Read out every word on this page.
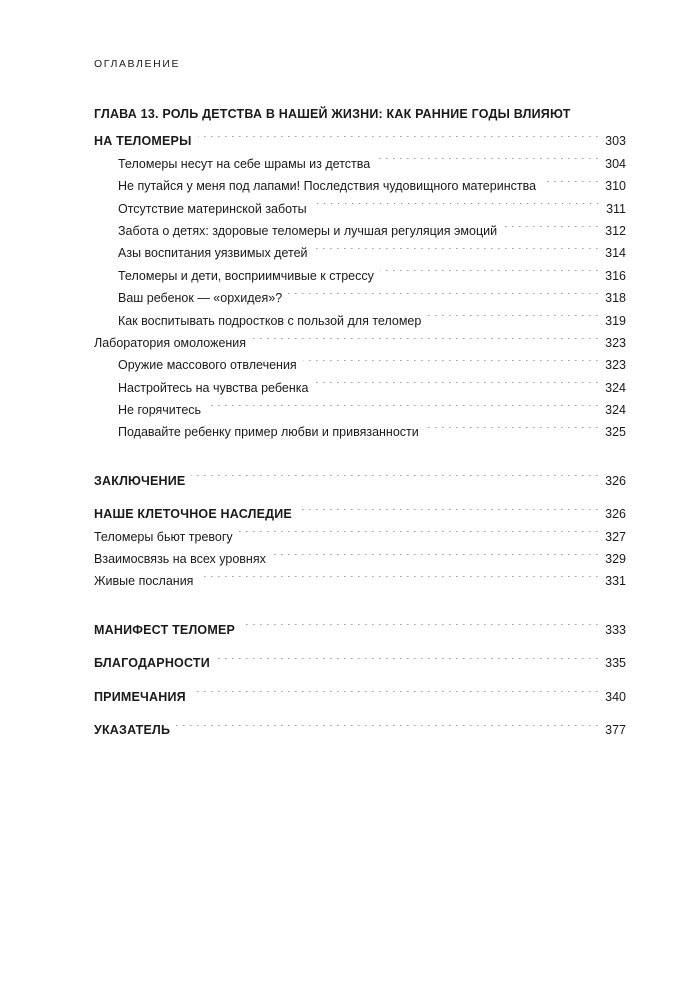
ОГЛАВЛЕНИЕ
ГЛАВА 13. РОЛЬ ДЕТСТВА В НАШЕЙ ЖИЗНИ: КАК РАННИЕ ГОДЫ ВЛИЯЮТ
НА ТЕЛОМЕРЫ . . .	303
Теломеры несут на себе шрамы из детства . . .	304
Не путайся у меня под лапами! Последствия чудовищного материнства . . .	310
Отсутствие материнской заботы . . .	311
Забота о детях: здоровые теломеры и лучшая регуляция эмоций . . .	312
Азы воспитания уязвимых детей . . .	314
Теломеры и дети, восприимчивые к стрессу . . .	316
Ваш ребенок — «орхидея»? . . .	318
Как воспитывать подростков с пользой для теломер . . .	319
Лаборатория омоложения . . .	323
Оружие массового отвлечения . . .	323
Настройтесь на чувства ребенка . . .	324
Не горячитесь . . .	324
Подавайте ребенку пример любви и привязанности . . .	325
ЗАКЛЮЧЕНИЕ . . .	326
НАШЕ КЛЕТОЧНОЕ НАСЛЕДИЕ . . .	326
Теломеры бьют тревогу . . .	327
Взаимосвязь на всех уровнях . . .	329
Живые послания . . .	331
МАНИФЕСТ ТЕЛОМЕР . . .	333
БЛАГОДАРНОСТИ . . .	335
ПРИМЕЧАНИЯ . . .	340
УКАЗАТЕЛЬ . . .	377
